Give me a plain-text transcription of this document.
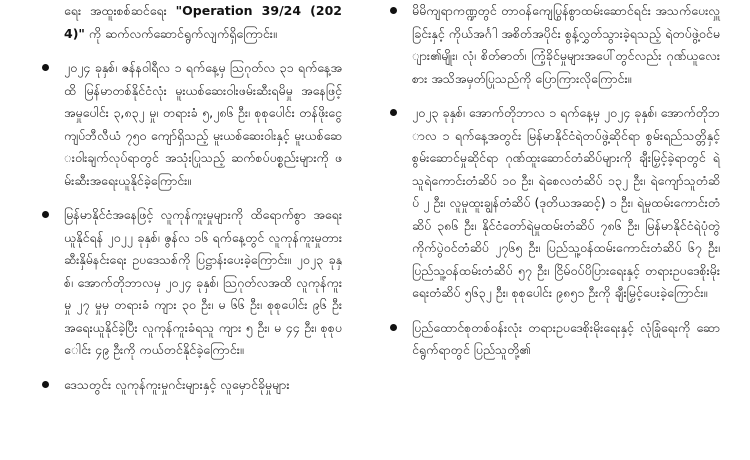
ရေး အထူးစစ်ဆင်ရေး "Operation 39/24 (2024)" ကို ဆက်လက်ဆောင်ရွက်လျက်ရှိကြောင်း။
၂၀၂၄ ခုနှစ်၊ ဇန်နဝါရီလ ၁ ရက်နေ့မှ ဩဂုတ်လ ၃၁ ရက်နေ့အထိ မြန်မာတစ်နိုင်ငံလုံး မူးယစ်ဆေးဝါးဖမ်းဆီးရမိမှု အနေဖြင့် အမှုပေါင်း ၃,၈၃၂ မှု၊ တရားခံ ၅,၂၈၆ ဦး၊ စုစုပေါင်း တန်ဖိုးငွေကျပ်ဘီလီယံ ၇၅၀ ကျော်ရှိသည့် မူးယစ်ဆေးဝါးနှင့် မူးယစ်ဆေးဝါးချက်လုပ်ရာတွင် အသုံးပြုသည့် ဆက်စပ်ပစ္စည်းများကို ဖမ်းဆီးအရေးယူနိုင်ခဲ့ကြောင်း။
မြန်မာနိုင်ငံအနေဖြင့် လူကုန်ကူးမှုများကို ထိရောက်စွာ အရေးယူနိုင်ရန် ၂၀၂၂ ခုနှစ်၊ ဇွန်လ ၁၆ ရက်နေ့တွင် လူကုန်ကူးမှုတားဆီးနှိမ်နင်းရေး ဥပဒေသစ်ကို ပြဋ္ဌာန်းပေးခဲ့ကြောင်း။ ၂၀၂၃ ခုနှစ်၊ အောက်တိုဘာလမှ ၂၀၂၄ ခုနှစ်၊ ဩဂုတ်လအထိ လူကုန်ကူးမှု ၂၇ မှုမှ တရားခံ ကျား ၃၀ ဦး၊ မ ၆၆ ဦး၊ စုစုပေါင်း ၉၆ ဦး အရေးယူနိုင်ခဲ့ပြီး လူကုန်ကူးခံရသူ ကျား ၅ ဦး၊ မ ၄၄ ဦး၊ စုစုပေါင်း ၄၉ ဦးကို ကယ်တင်နိုင်ခဲ့ကြောင်း။
ဒေသတွင်း လူကုန်ကူးမှုဂင်းများနှင့် လူမှောင်ခိုမှုများ
မိမိကျရာကဏ္ဍတွင် တာဝန်ကျေပြွန်စွာထမ်းဆောင်ရင်း အသက်ပေးလှူခြင်းနှင့် ကိုယ်အင်္ဂါ အစိတ်အပိုင်း စွန့်လွှတ်သွားခဲ့ရသည့် ရဲတပ်ဖွဲ့ဝင်များ၏မျိုး၊ လုံ၊ စိတ်ဓာတ်၊ ကြံ့ခိုင်မှုများအပေါ်တွင်လည်း ဂုဏ်ယူလေးစား အသိအမှတ်ပြုသည်ကို ပြောကြားလိုကြောင်း။
၂၀၂၃ ခုနှစ်၊ အောက်တိုဘာလ ၁ ရက်နေ့မှ ၂၀၂၄ ခုနှစ်၊ အောက်တိုဘာလ ၁ ရက်နေ့အတွင်း မြန်မာနိုင်ငံရဲတပ်ဖွဲ့ဆိုင်ရာ စွမ်းရည်သတ္တိနှင့် စွမ်းဆောင်မှုဆိုင်ရာ ဂုဏ်ထူးဆောင်တံဆိပ်များကို ချီးမြှင့်ခဲ့ရာတွင် ရဲသူရဲကောင်းတံဆိပ် ၁၀ ဦး၊ ရဲစေလတံဆိပ် ၁၃၂ ဦး၊ ရဲကျော်သူတံဆိပ် ၂ ဦး၊ လူမှုထူးချွန်တံဆိပ် (ဒုတိယအဆင့်) ၁ ဦး၊ ရဲမှုထမ်းကောင်းတံဆိပ် ၃၈၆ ဦး၊ နိုင်ငံတော်ရဲမှုထမ်းတံဆိပ် ၇၈၆ ဦး၊ မြန်မာနိုင်ငံရဲပုံတွဲကိုက်ပွဲဝင်တံဆိပ် ၂၇၆၅ ဦး၊ ပြည်သူ့ဝန်ထမ်းကောင်းတံဆိပ် ၆၇ ဦး၊ ပြည်သူ့ဝန်ထမ်းတံဆိပ် ၅၇ ဦး၊ ငြိမ်ဝပ်ပိပြားရေးနှင့် တရားဥပဒေစိုးမိုးရေးတံဆိပ် ၅၆၃၂ ဦး၊ စုစုပေါင်း ၉၈၅၁ ဦးကို ချီးမြှင့်ပေးခဲ့ကြောင်း။
ပြည်ထောင်စုတစ်ဝန်းလုံး တရားဥပဒေစိုးမိုးရေးနှင့် လုံခြုံရေးကို ဆောင်ရွက်ရာတွင် ပြည်သူတို့၏
